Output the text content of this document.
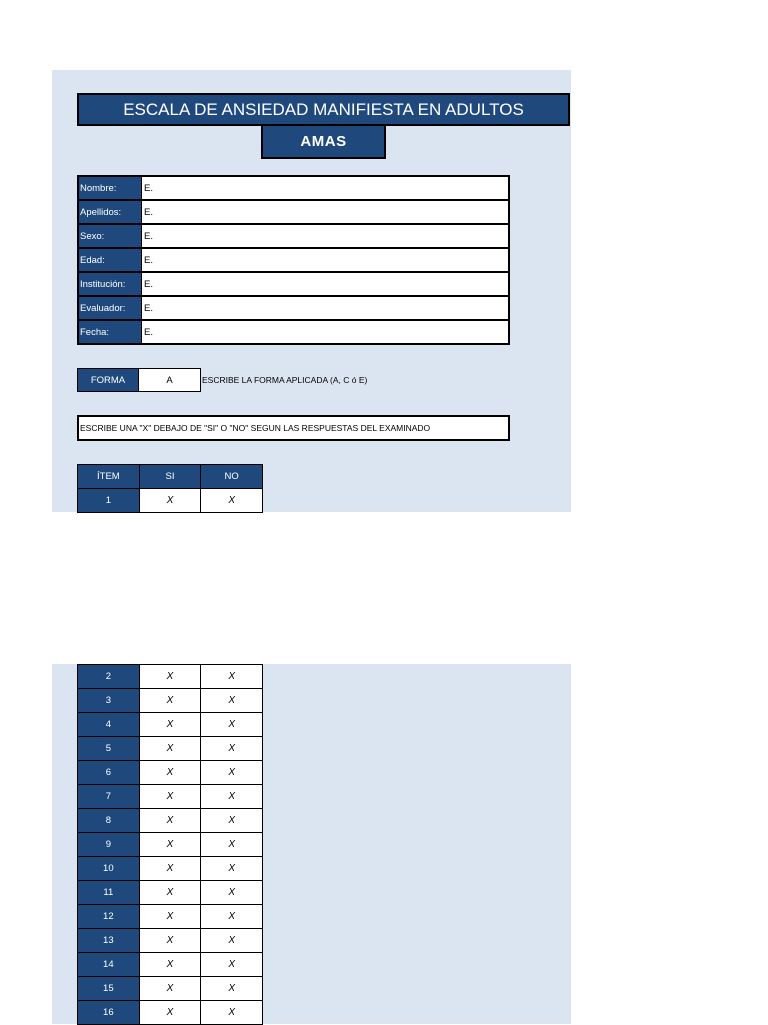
ESCALA DE ANSIEDAD MANIFIESTA EN ADULTOS
AMAS
Nombre:	E.
Apellidos:	E.
Sexo:	E.
Edad:	E.
Institución:	E.
Evaluador:	E.
Fecha:	E.
FORMA	A	ESCRIBE LA FORMA APLICADA (A, C ó E)
ESCRIBE UNA "X" DEBAJO DE "SI" O "NO" SEGUN LAS RESPUESTAS DEL EXAMINADO
ÍTEM	SI	NO
1	X	X
2	X	X
3	X	X
4	X	X
5	X	X
6	X	X
7	X	X
8	X	X
9	X	X
10	X	X
11	X	X
12	X	X
13	X	X
14	X	X
15	X	X
16	X	X
